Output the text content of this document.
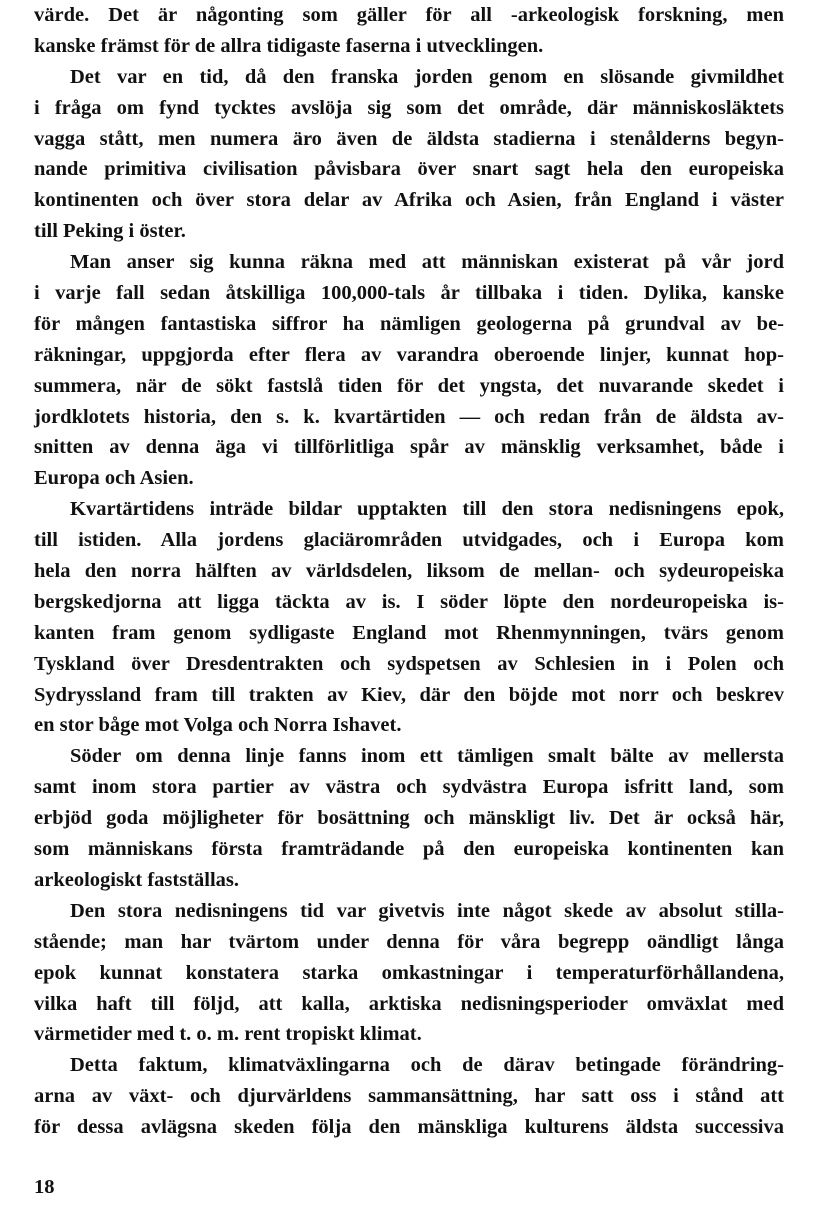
värde. Det är någonting som gäller för all -arkeologisk forskning, men
kanske främst för de allra tidigaste faserna i utvecklingen.
Det var en tid, då den franska jorden genom en slösande givmildhet
i fråga om fynd tycktes avslöja sig som det område, där människosläktets
vagga stått, men numera äro även de äldsta stadierna i stenålderns begyn-
nande primitiva civilisation påvisbara över snart sagt hela den europeiska
kontinenten och över stora delar av Afrika och Asien, från England i väster
till Peking i öster.
Man anser sig kunna räkna med att människan existerat på vår jord
i varje fall sedan åtskilliga 100,000-tals år tillbaka i tiden. Dylika, kanske
för mången fantastiska siffror ha nämligen geologerna på grundval av be-
räkningar, uppgjorda efter flera av varandra oberoende linjer, kunnat hop-
summera, när de sökt fastslå tiden för det yngsta, det nuvarande skedet i
jordklotets historia, den s. k. kvartärtiden — och redan från de äldsta av-
snitten av denna äga vi tillförlitliga spår av mänsklig verksamhet, både i
Europa och Asien.
Kvartärtidens inträde bildar upptakten till den stora nedisningens epok,
till istiden. Alla jordens glaciärområden utvidgades, och i Europa kom
hela den norra hälften av världsdelen, liksom de mellan- och sydeuropeiska
bergskedjorna att ligga täckta av is. I söder löpte den nordeuropeiska is-
kanten fram genom sydligaste England mot Rhenmynningen, tvärs genom
Tyskland över Dresdentrakten och sydspetsen av Schlesien in i Polen och
Sydryssland fram till trakten av Kiev, där den böjde mot norr och beskrev
en stor båge mot Volga och Norra Ishavet.
Söder om denna linje fanns inom ett tämligen smalt bälte av mellersta
samt inom stora partier av västra och sydvästra Europa isfritt land, som
erbjöd goda möjligheter för bosättning och mänskligt liv. Det är också här,
som människans första framträdande på den europeiska kontinenten kan
arkeologiskt fastställas.
Den stora nedisningens tid var givetvis inte något skede av absolut stilla-
stående; man har tvärtom under denna för våra begrepp oändligt långa
epok kunnat konstatera starka omkastningar i temperaturförhållandena,
vilka haft till följd, att kalla, arktiska nedisningsperioder omväxlat med
värmetider med t. o. m. rent tropiskt klimat.
Detta faktum, klimatväxlingarna och de därav betingade förändring-
arna av växt- och djurvärldens sammansättning, har satt oss i stånd att
för dessa avlägsna skeden följa den mänskliga kulturens äldsta successiva
18
